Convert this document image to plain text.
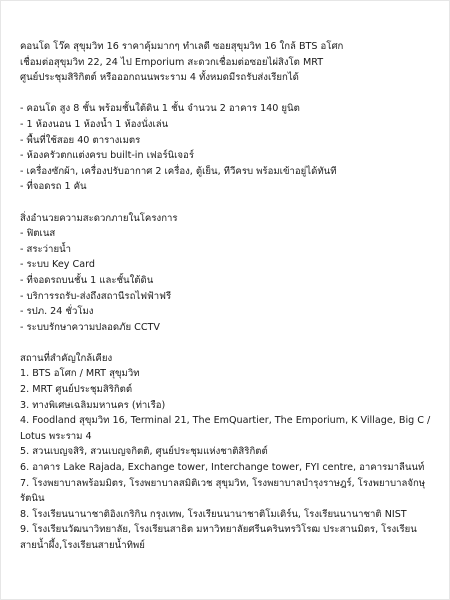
คอนโด โว๊ค สุขุมวิท 16 ราคาคุ้มมากๆ ทำเลดี ซอยสุขุมวิท 16 ใกล้ BTS อโศก
เชื่อมต่อสุขุมวิท 22, 24 ไป Emporium สะดวกเชื่อมต่อซอยไผ่สิงโต MRT
ศูนย์ประชุมสิริกิตต์ หรือออกถนนพระราม 4 ทั้งหมดมีรถรับส่งเรียกได้
- คอนโด สูง 8 ชั้น พร้อมชั้นใต้ดิน 1 ชั้น จำนวน 2 อาคาร 140 ยูนิต
- 1 ห้องนอน 1 ห้องน้ำ 1 ห้องนั่งเล่น
- พื้นที่ใช้สอย 40 ตารางเมตร
- ห้องครัวตกแต่งครบ built-in เฟอร์นิเจอร์
- เครื่องซักผ้า, เครื่องปรับอากาศ 2 เครื่อง, ตู้เย็น, ทีวีครบ พร้อมเข้าอยู่ได้ทันที
- ที่จอดรถ 1 คัน
สิ่งอำนวยความสะดวกภายในโครงการ
- ฟิตเนส
- สระว่ายน้ำ
- ระบบ Key Card
- ที่จอดรถบนชั้น 1 และชั้นใต้ดิน
- บริการรถรับ-ส่งถึงสถานีรถไฟฟ้าฟรี
- รปภ. 24 ชั่วโมง
- ระบบรักษาความปลอดภัย CCTV
สถานที่สำคัญใกล้เคียง
1. BTS อโศก / MRT สุขุมวิท
2. MRT ศูนย์ประชุมสิริกิตต์
3. ทางพิเศษเฉลิมมหานคร (ท่าเรือ)
4. Foodland สุขุมวิท 16, Terminal 21, The EmQuartier, The Emporium, K Village, Big C / Lotus พระราม 4
5. สวนเบญจสิริ, สวนเบญจกิตติ, ศูนย์ประชุมแห่งชาติสิริกิตต์
6. อาคาร Lake Rajada, Exchange tower, Interchange tower, FYI centre, อาคารมาลีนนท์
7. โรงพยาบาลพร้อมมิตร, โรงพยาบาลสมิติเวช สุขุมวิท, โรงพยาบาลบำรุงราษฎร์, โรงพยาบาลจักษุรัตนิน
8. โรงเรียนนานาชาติอิงเกริกิน กรุงเทพ, โรงเรียนนานาชาติโมเดิร์น, โรงเรียนนานาชาติ NIST
9. โรงเรียนวัฒนาวิทยาลัย, โรงเรียนสาธิต มหาวิทยาลัยศรีนครินทรวิโรฒ ประสานมิตร, โรงเรียนสายน้ำผึ้ง,โรงเรียนสายน้ำทิพย์
